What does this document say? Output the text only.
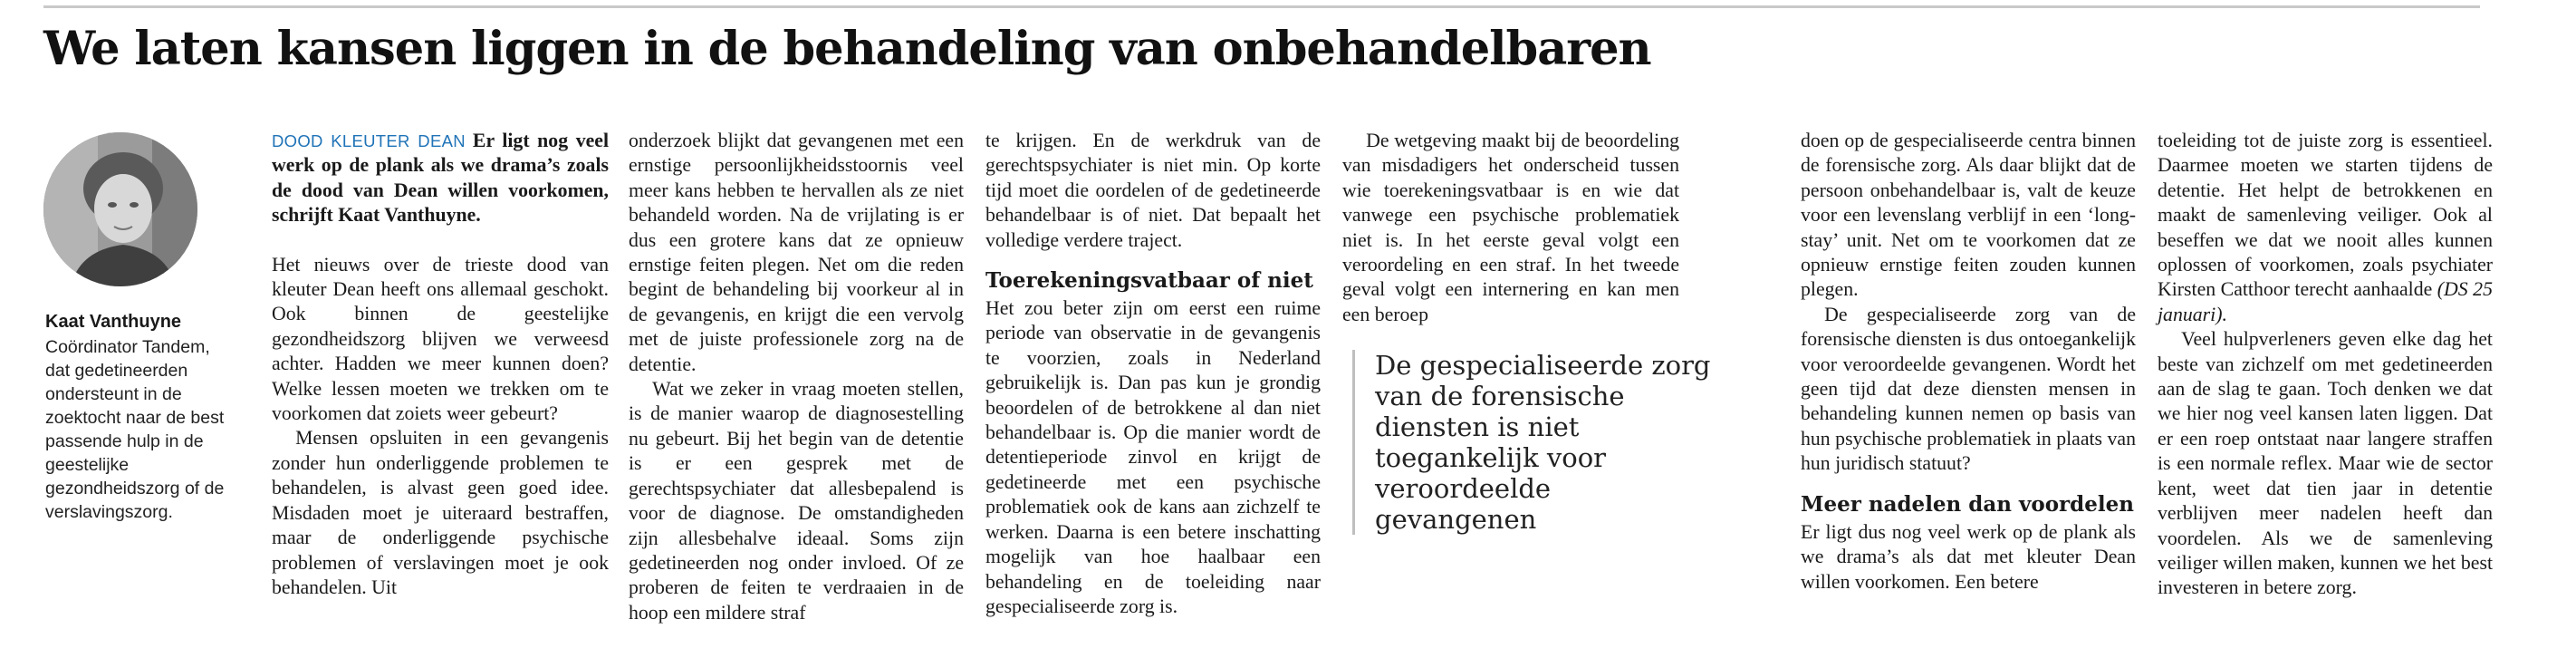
We laten kansen liggen in de behandeling van onbehandelbaren
Kaat Vanthuyne
Coördinator Tandem, dat gedetineerden ondersteunt in de zoektocht naar de best passende hulp in de geestelijke gezondheidszorg of de verslavingszorg.

DOOD KLEUTER DEAN Er ligt nog veel werk op de plank als we drama’s zoals de dood van Dean willen voorkomen, schrijft Kaat Vanthuyne.

Het nieuws over de trieste dood van kleuter Dean heeft ons allemaal geschokt. Ook binnen de geestelijke gezondheidszorg blijven we verweesd achter. Hadden we meer kunnen doen? Welke lessen moeten we trekken om te voorkomen dat zoiets weer gebeurt?

Mensen opsluiten in een gevangenis zonder hun onderliggende problemen te behandelen, is alvast geen goed idee. Misdaden moet je uiteraard bestraffen, maar de onderliggende psychische problemen of verslavingen moet je ook behandelen. Uit

onderzoek blijkt dat gevangenen met een ernstige persoonlijkheidsstoornis veel meer kans hebben te hervallen als ze niet behandeld worden. Na de vrijlating is er dus een grotere kans dat ze opnieuw ernstige feiten plegen. Net om die reden begint de behandeling bij voorkeur al in de gevangenis, en krijgt die een vervolg met de juiste professionele zorg na de detentie.

Wat we zeker in vraag moeten stellen, is de manier waarop de diagnosestelling nu gebeurt. Bij het begin van de detentie is er een gesprek met de gerechtspsychiater dat allesbepalend is voor de diagnose. De omstandigheden zijn allesbehalve ideaal. Soms zijn gedetineerden nog onder invloed. Of ze proberen de feiten te verdraaien in de hoop een mildere straf

te krijgen. En de werkdruk van de gerechtspsychiater is niet min. Op korte tijd moet die oordelen of de gedetineerde behandelbaar is of niet. Dat bepaalt het volledige verdere traject.

Toerekeningsvatbaar of niet

Het zou beter zijn om eerst een ruime periode van observatie in de gevangenis te voorzien, zoals in Nederland gebruikelijk is. Dan pas kun je grondig beoordelen of de betrokkene al dan niet behandelbaar is. Op die manier wordt de detentieperiode zinvol en krijgt de gedetineerde met een psychische problematiek ook de kans aan zichzelf te werken. Daarna is een betere inschatting mogelijk van hoe haalbaar een behandeling en de toeleiding naar gespecialiseerde zorg is.

De wetgeving maakt bij de beoordeling van misdadigers het onderscheid tussen wie toerekeningsvatbaar is en wie dat vanwege een psychische problematiek niet is. In het eerste geval volgt een veroordeling en een straf. In het tweede geval volgt een internering en kan men een beroep

De gespecialiseerde zorg van de forensische diensten is niet toegankelijk voor veroordeelde gevangenen

doen op de gespecialiseerde centra binnen de forensische zorg. Als daar blijkt dat de persoon onbehandelbaar is, valt de keuze voor een levenslang verblijf in een ‘long-stay’ unit. Net om te voorkomen dat ze opnieuw ernstige feiten zouden kunnen plegen.

De gespecialiseerde zorg van de forensische diensten is dus ontoegankelijk voor veroordeelde gevangenen. Wordt het geen tijd dat deze diensten mensen in behandeling kunnen nemen op basis van hun psychische problematiek in plaats van hun juridisch statuut?

Meer nadelen dan voordelen

Er ligt dus nog veel werk op de plank als we drama’s als dat met kleuter Dean willen voorkomen. Een betere

toeleiding tot de juiste zorg is essentieel. Daarmee moeten we starten tijdens de detentie. Het helpt de betrokkenen en maakt de samenleving veiliger. Ook al beseffen we dat we nooit alles kunnen oplossen of voorkomen, zoals psychiater Kirsten Catthoor terecht aanhaalde (DS 25 januari).

Veel hulpverleners geven elke dag het beste van zichzelf om met gedetineerden aan de slag te gaan. Toch denken we dat we hier nog veel kansen laten liggen. Dat er een roep ontstaat naar langere straffen is een normale reflex. Maar wie de sector kent, weet dat tien jaar in detentie verblijven meer nadelen heeft dan voordelen. Als we de samenleving veiliger willen maken, kunnen we het best investeren in betere zorg.
